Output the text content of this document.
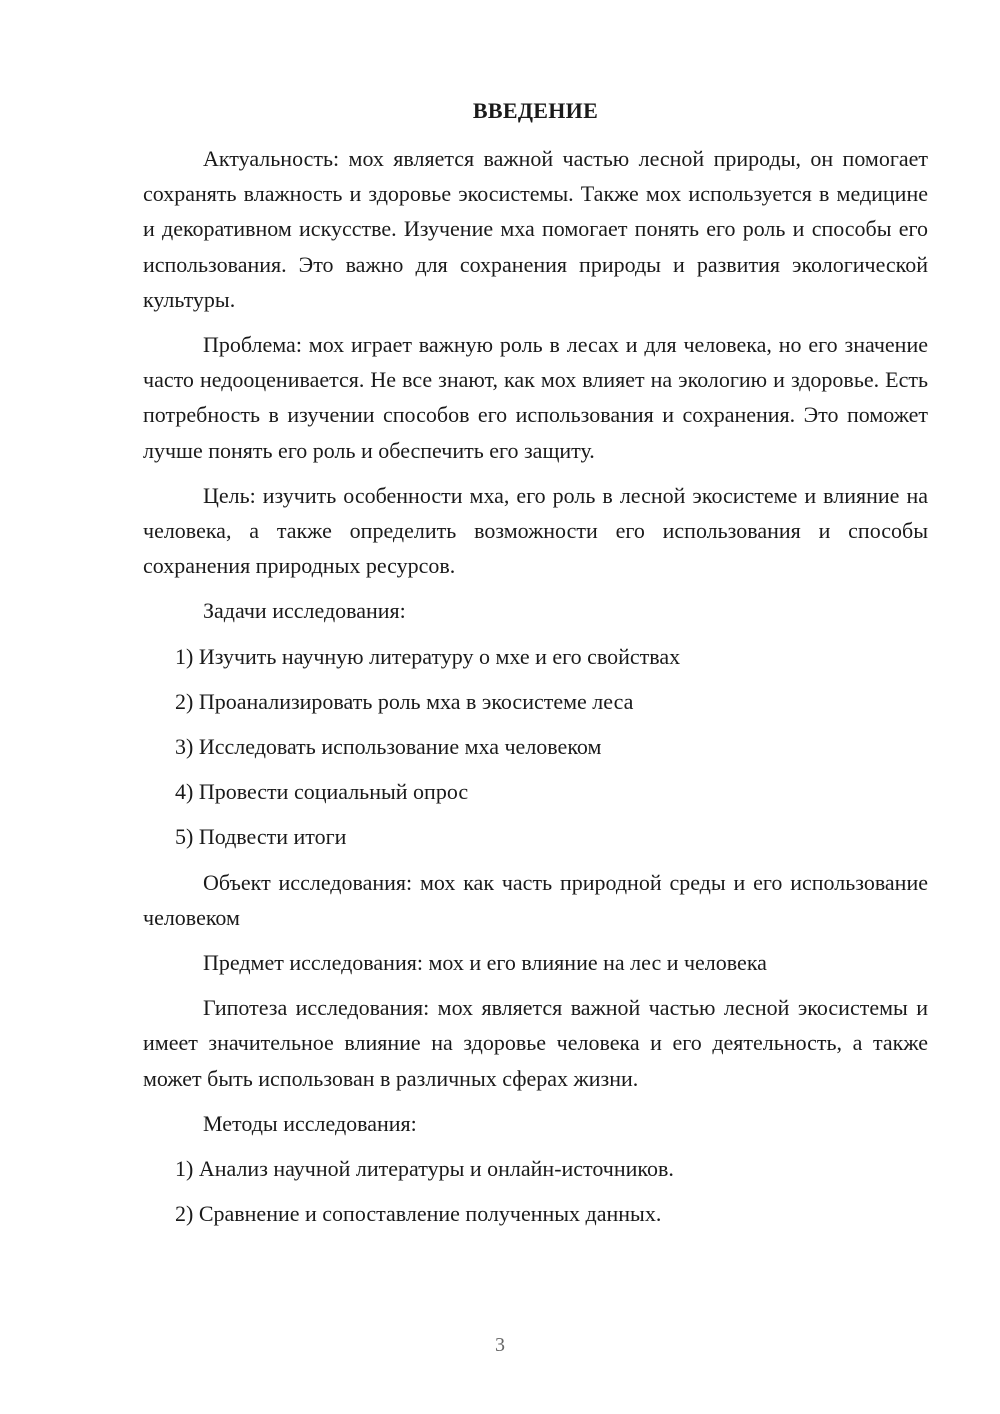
ВВЕДЕНИЕ

Актуальность: мох является важной частью лесной природы, он помогает сохранять влажность и здоровье экосистемы. Также мох используется в медицине и декоративном искусстве. Изучение мха помогает понять его роль и способы его использования. Это важно для сохранения природы и развития экологической культуры.

Проблема: мох играет важную роль в лесах и для человека, но его значение часто недооценивается. Не все знают, как мох влияет на экологию и здоровье. Есть потребность в изучении способов его использования и сохранения. Это поможет лучше понять его роль и обеспечить его защиту.

Цель: изучить особенности мха, его роль в лесной экосистеме и влияние на человека, а также определить возможности его использования и способы сохранения природных ресурсов.

Задачи исследования:

1) Изучить научную литературу о мхе и его свойствах

2) Проанализировать роль мха в экосистеме леса

3) Исследовать использование мха человеком

4) Провести социальный опрос

5) Подвести итоги

Объект исследования: мох как часть природной среды и его использование человеком

Предмет исследования: мох и его влияние на лес и человека

Гипотеза исследования: мох является важной частью лесной экосистемы и имеет значительное влияние на здоровье человека и его деятельность, а также может быть использован в различных сферах жизни.

Методы исследования:

1) Анализ научной литературы и онлайн-источников.

2) Сравнение и сопоставление полученных данных.

3
